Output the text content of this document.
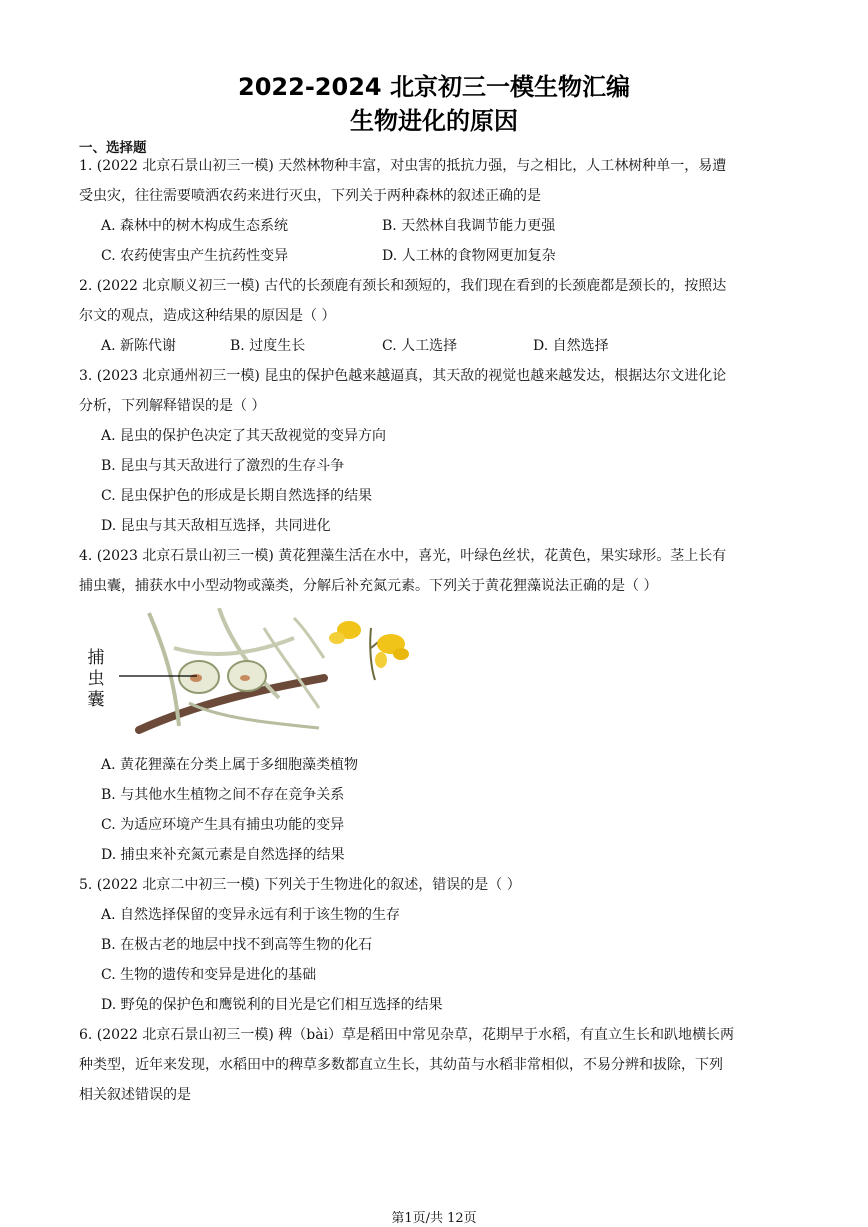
2022-2024 北京初三一模生物汇编
生物进化的原因
一、选择题
1. (2022 北京石景山初三一模) 天然林物种丰富，对虫害的抵抗力强，与之相比，人工林树种单一，易遭
受虫灾，往往需要喷洒农药来进行灭虫，下列关于两种森林的叙述正确的是
A. 森林中的树木构成生态系统	B. 天然林自我调节能力更强
C. 农药使害虫产生抗药性变异	D. 人工林的食物网更加复杂
2. (2022 北京顺义初三一模) 古代的长颈鹿有颈长和颈短的，我们现在看到的长颈鹿都是颈长的，按照达
尔文的观点，造成这种结果的原因是（ ）
A. 新陈代谢	B. 过度生长	C. 人工选择	D. 自然选择
3. (2023 北京通州初三一模) 昆虫的保护色越来越逼真，其天敌的视觉也越来越发达，根据达尔文进化论
分析，下列解释错误的是（ ）
A. 昆虫的保护色决定了其天敌视觉的变异方向
B. 昆虫与其天敌进行了激烈的生存斗争
C. 昆虫保护色的形成是长期自然选择的结果
D. 昆虫与其天敌相互选择，共同进化
4. (2023 北京石景山初三一模) 黄花狸藻生活在水中，喜光，叶绿色丝状，花黄色，果实球形。茎上长有
捕虫囊，捕获水中小型动物或藻类，分解后补充氮元素。下列关于黄花狸藻说法正确的是（ ）
捕
虫
囊
A. 黄花狸藻在分类上属于多细胞藻类植物
B. 与其他水生植物之间不存在竞争关系
C. 为适应环境产生具有捕虫功能的变异
D. 捕虫来补充氮元素是自然选择的结果
5. (2022 北京二中初三一模) 下列关于生物进化的叙述，错误的是（ ）
A. 自然选择保留的变异永远有利于该生物的生存
B. 在极古老的地层中找不到高等生物的化石
C. 生物的遗传和变异是进化的基础
D. 野兔的保护色和鹰锐利的目光是它们相互选择的结果
6. (2022 北京石景山初三一模) 稗（bài）草是稻田中常见杂草，花期早于水稻，有直立生长和趴地横长两
种类型，近年来发现，水稻田中的稗草多数都直立生长，其幼苗与水稻非常相似，不易分辨和拔除，下列
相关叙述错误的是
第1页/共 12页
